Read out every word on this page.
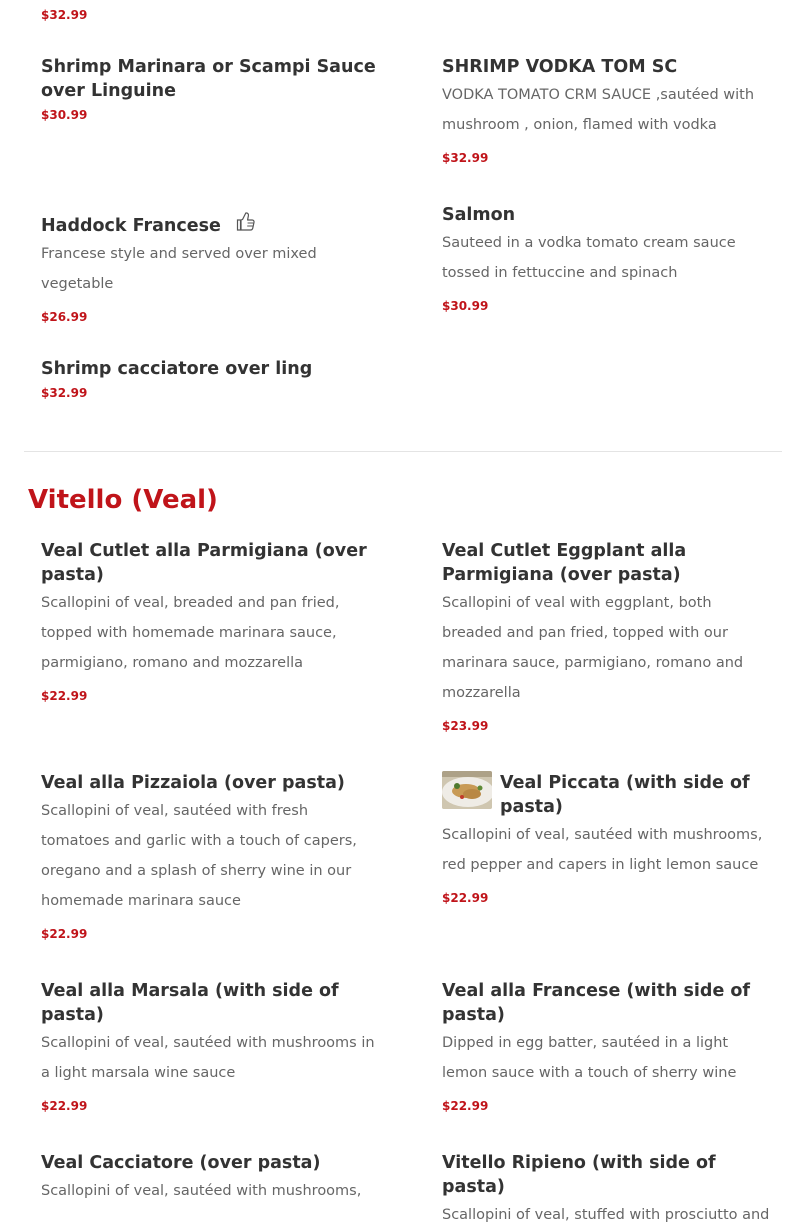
$32.99
Shrimp Marinara or Scampi Sauce over Linguine
$30.99
SHRIMP VODKA TOM SC
VODKA TOMATO CRM SAUCE ,sautéed with mushroom , onion, flamed with vodka
$32.99
Haddock Francese
Francese style and served over mixed vegetable
$26.99
Salmon
Sauteed in a vodka tomato cream sauce tossed in fettuccine and spinach
$30.99
Shrimp cacciatore over ling
$32.99
Vitello (Veal)
Veal Cutlet alla Parmigiana (over pasta)
Scallopini of veal, breaded and pan fried, topped with homemade marinara sauce, parmigiano, romano and mozzarella
$22.99
Veal Cutlet Eggplant alla Parmigiana (over pasta)
Scallopini of veal with eggplant, both breaded and pan fried, topped with our marinara sauce, parmigiano, romano and mozzarella
$23.99
Veal alla Pizzaiola (over pasta)
Scallopini of veal, sautéed with fresh tomatoes and garlic with a touch of capers, oregano and a splash of sherry wine in our homemade marinara sauce
$22.99
Veal Piccata (with side of pasta)
Scallopini of veal, sautéed with mushrooms, red pepper and capers in light lemon sauce
$22.99
Veal alla Marsala (with side of pasta)
Scallopini of veal, sautéed with mushrooms in a light marsala wine sauce
$22.99
Veal alla Francese (with side of pasta)
Dipped in egg batter, sautéed in a light lemon sauce with a touch of sherry wine
$22.99
Veal Cacciatore (over pasta)
Scallopini of veal, sautéed with mushrooms,
Vitello Ripieno (with side of pasta)
Scallopini of veal, stuffed with prosciutto and
